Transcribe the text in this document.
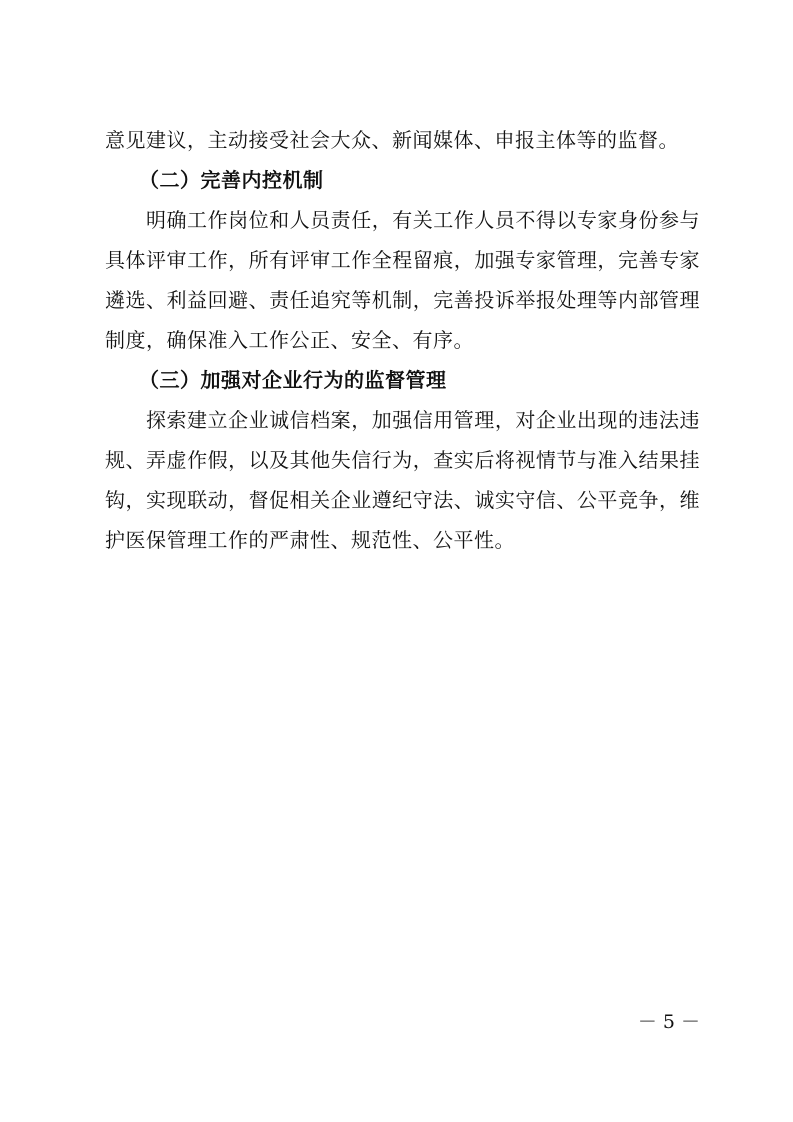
意见建议，主动接受社会大众、新闻媒体、申报主体等的监督。
（二）完善内控机制
明确工作岗位和人员责任，有关工作人员不得以专家身份参与
具体评审工作，所有评审工作全程留痕，加强专家管理，完善专家
遴选、利益回避、责任追究等机制，完善投诉举报处理等内部管理
制度，确保准入工作公正、安全、有序。
（三）加强对企业行为的监督管理
探索建立企业诚信档案，加强信用管理，对企业出现的违法违
规、弄虚作假，以及其他失信行为，查实后将视情节与准入结果挂
钩，实现联动，督促相关企业遵纪守法、诚实守信、公平竞争，维
护医保管理工作的严肃性、规范性、公平性。
－ 5 －
